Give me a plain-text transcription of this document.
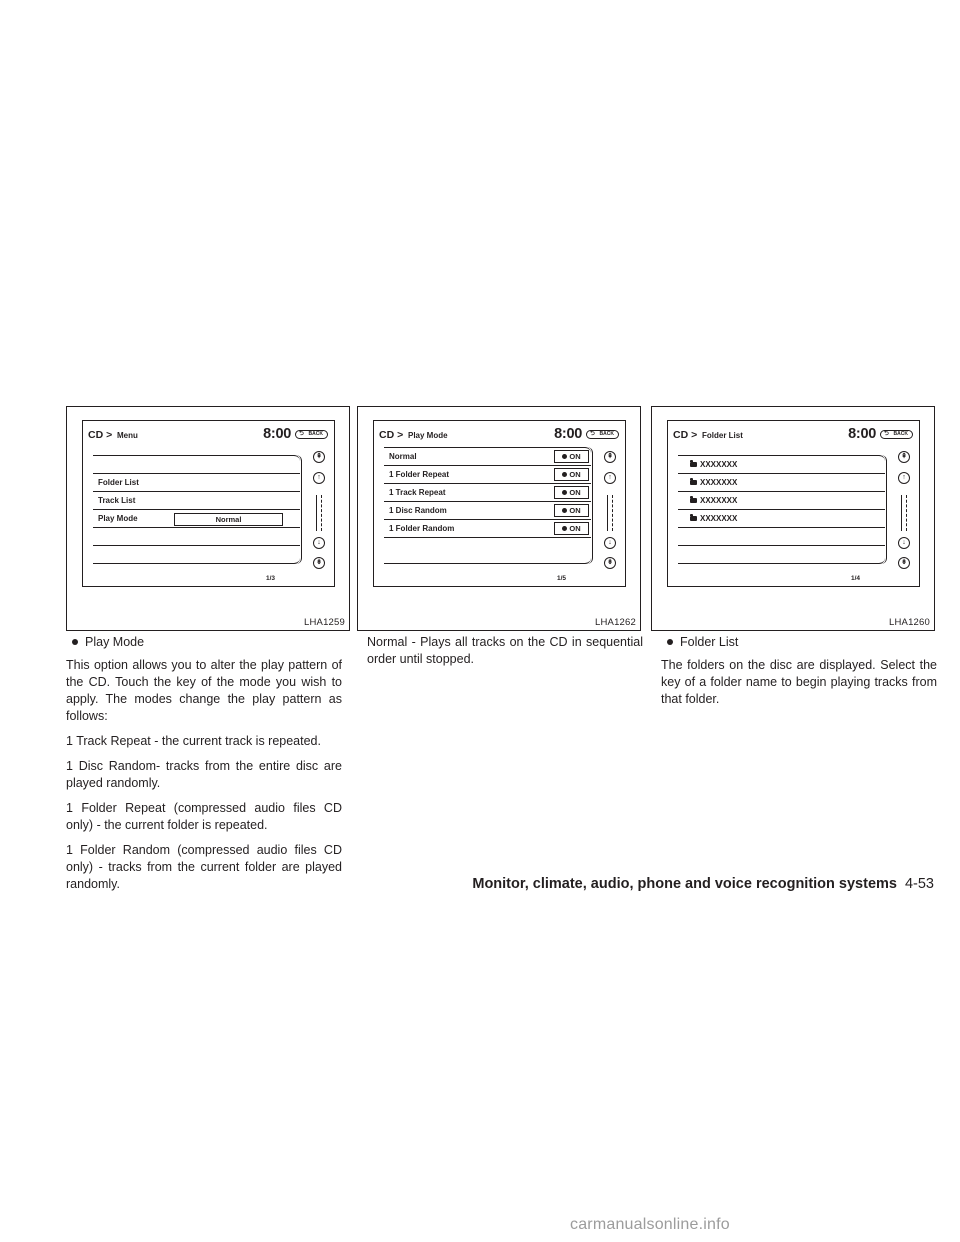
CD > Menu	8:00 ⮌ BACK
Folder List
Track List
Play Mode	Normal
⇞
↑
↓
⇟
1/3
LHA1259
CD > Play Mode	8:00 ⮌ BACK
Normal	ON
1 Folder Repeat	ON
1 Track Repeat	ON
1 Disc Random	ON
1 Folder Random	ON
⇞
↑
↓
⇟
1/5
LHA1262
CD > Folder List	8:00 ⮌ BACK
XXXXXXX
XXXXXXX
XXXXXXX
XXXXXXX
⇞
↑
↓
⇟
1/4
LHA1260

Play Mode

This option allows you to alter the play pattern of the CD. Touch the key of the mode you wish to apply. The modes change the play pattern as follows:

1 Track Repeat - the current track is repeated.

1 Disc Random- tracks from the entire disc are played randomly.

1 Folder Repeat (compressed audio files CD only) - the current folder is repeated.

1 Folder Random (compressed audio files CD only) - tracks from the current folder are played randomly.

Normal - Plays all tracks on the CD in sequential order until stopped.

Folder List

The folders on the disc are displayed. Select the key of a folder name to begin playing tracks from that folder.

Monitor, climate, audio, phone and voice recognition systems 4-53
carmanualsonline.info
